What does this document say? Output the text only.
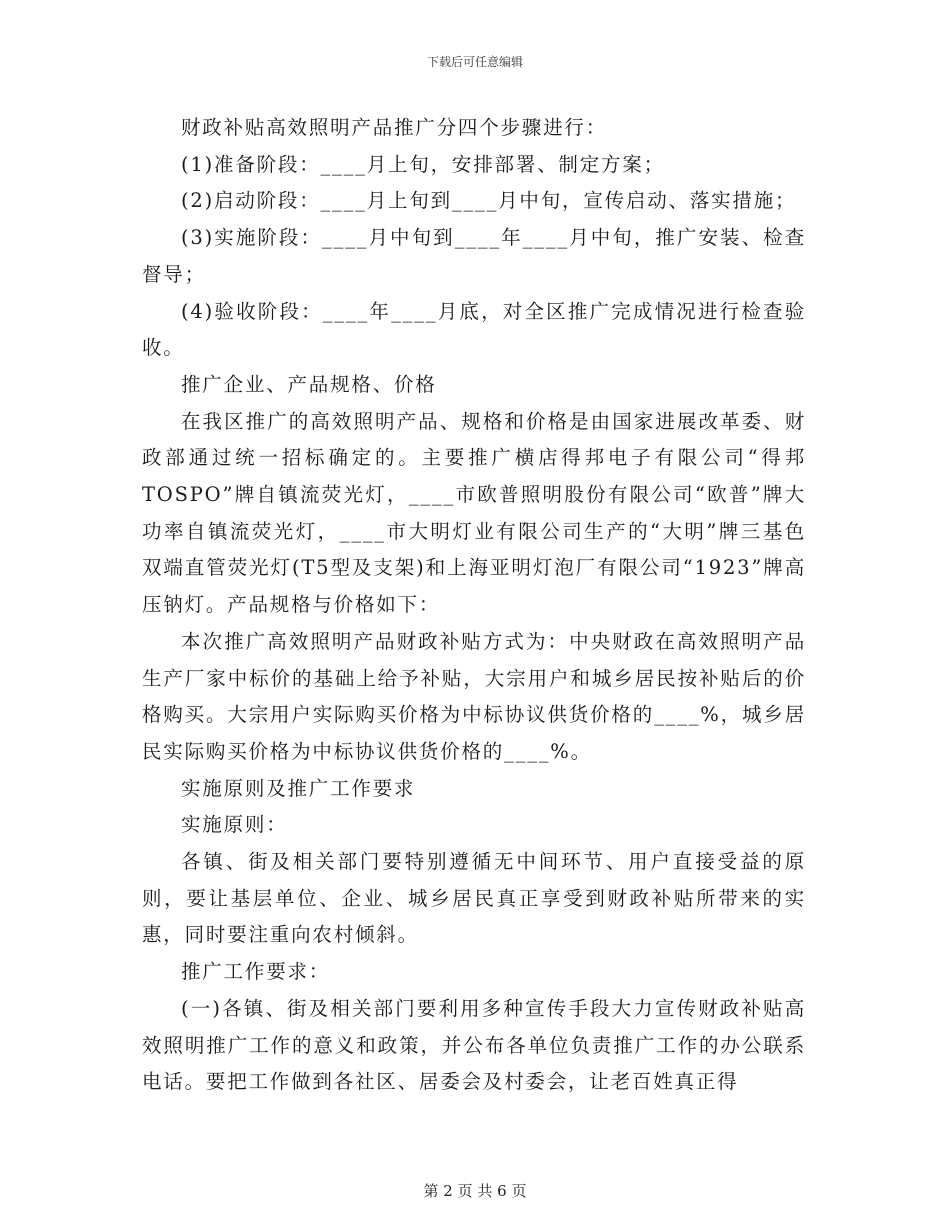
下载后可任意编辑

财政补贴高效照明产品推广分四个步骤进行：

(1)准备阶段：____月上旬，安排部署、制定方案；

(2)启动阶段：____月上旬到____月中旬，宣传启动、落实措施；

(3)实施阶段：____月中旬到____年____月中旬，推广安装、检查督导；

(4)验收阶段：____年____月底，对全区推广完成情况进行检查验收。

推广企业、产品规格、价格

在我区推广的高效照明产品、规格和价格是由国家进展改革委、财政部通过统一招标确定的。主要推广横店得邦电子有限公司“得邦TOSPO”牌自镇流荧光灯，____市欧普照明股份有限公司“欧普”牌大功率自镇流荧光灯，____市大明灯业有限公司生产的“大明”牌三基色双端直管荧光灯(T5型及支架)和上海亚明灯泡厂有限公司“1923”牌高压钠灯。产品规格与价格如下：

本次推广高效照明产品财政补贴方式为：中央财政在高效照明产品生产厂家中标价的基础上给予补贴，大宗用户和城乡居民按补贴后的价格购买。大宗用户实际购买价格为中标协议供货价格的____%，城乡居民实际购买价格为中标协议供货价格的____%。

实施原则及推广工作要求

实施原则：

各镇、街及相关部门要特别遵循无中间环节、用户直接受益的原则，要让基层单位、企业、城乡居民真正享受到财政补贴所带来的实惠，同时要注重向农村倾斜。

推广工作要求：

(一)各镇、街及相关部门要利用多种宣传手段大力宣传财政补贴高效照明推广工作的意义和政策，并公布各单位负责推广工作的办公联系电话。要把工作做到各社区、居委会及村委会，让老百姓真正得

第 2 页 共 6 页
